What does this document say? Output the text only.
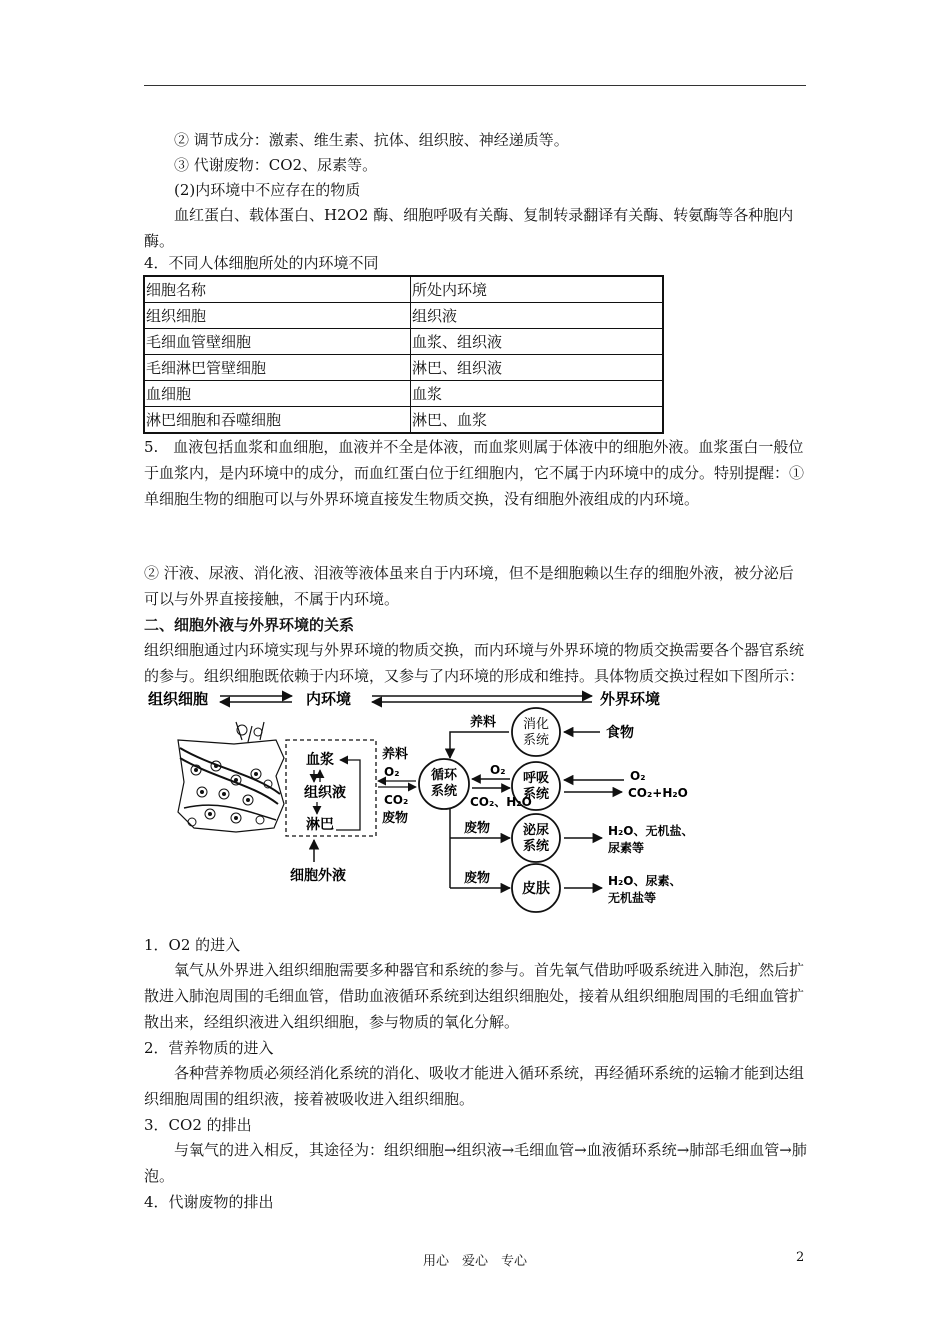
② 调节成分：激素、维生素、抗体、组织胺、神经递质等。
③ 代谢废物：CO2、尿素等。
(2)内环境中不应存在的物质
血红蛋白、载体蛋白、H2O2 酶、细胞呼吸有关酶、复制转录翻译有关酶、转氨酶等各种胞内酶。
4．不同人体细胞所处的内环境不同
细胞名称	所处内环境
组织细胞	组织液
毛细血管壁细胞	血浆、组织液
毛细淋巴管壁细胞	淋巴、组织液
血细胞	血浆
淋巴细胞和吞噬细胞	淋巴、血浆
5.　血液包括血浆和血细胞，血液并不全是体液，而血浆则属于体液中的细胞外液。血浆蛋白一般位于血浆内，是内环境中的成分，而血红蛋白位于红细胞内，它不属于内环境中的成分。特别提醒：①单细胞生物的细胞可以与外界环境直接发生物质交换，没有细胞外液组成的内环境。
② 汗液、尿液、消化液、泪液等液体虽来自于内环境，但不是细胞赖以生存的细胞外液，被分泌后可以与外界直接接触，不属于内环境。
二、细胞外液与外界环境的关系
组织细胞通过内环境实现与外界环境的物质交换，而内环境与外界环境的物质交换需要各个器官系统的参与。组织细胞既依赖于内环境，又参与了内环境的形成和维持。具体物质交换过程如下图所示：
组织细胞	内环境	外界环境
血浆
组织液
淋巴
细胞外液
养料
O₂
CO₂
废物
循环
系统
养料 消化
系统	食物
呼吸
系统
O₂
CO₂、H₂O
O₂
CO₂+H₂O
废物	泌尿
系统
H₂O、无机盐、
尿素等
废物
皮肤	H₂O、尿素、
无机盐等
1．O2 的进入
氧气从外界进入组织细胞需要多种器官和系统的参与。首先氧气借助呼吸系统进入肺泡，然后扩散进入肺泡周围的毛细血管，借助血液循环系统到达组织细胞处，接着从组织细胞周围的毛细血管扩散出来，经组织液进入组织细胞，参与物质的氧化分解。
2．营养物质的进入
各种营养物质必须经消化系统的消化、吸收才能进入循环系统，再经循环系统的运输才能到达组织细胞周围的组织液，接着被吸收进入组织细胞。
3．CO2 的排出
与氧气的进入相反，其途径为：组织细胞→组织液→毛细血管→血液循环系统→肺部毛细血管→肺泡。
4．代谢废物的排出
用心　爱心　专心	2
